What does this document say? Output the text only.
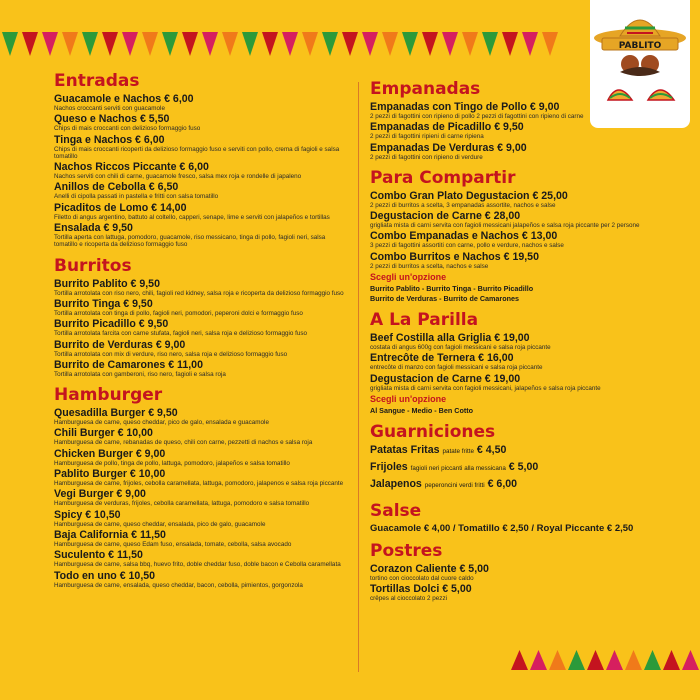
PABLITO
Entradas
Guacamole e Nachos € 6,00
Nachos croccanti serviti con guacamole
Queso e Nachos € 5,50
Chips di mais croccanti con delizioso formaggio fuso
Tinga e Nachos € 6,00
Chips di mais croccanti ricoperti da delizioso formaggio fuso e serviti con pollo, crema di fagioli e salsa tomatillo
Nachos Riccos Piccante € 6,00
Nachos serviti con chili di carne, guacamole fresco, salsa mex roja e rondelle di japaleno
Anillos de Cebolla € 6,50
Anelli di cipolla passati in pastella e fritti con salsa tomatillo
Picaditos de Lomo € 14,00
Filetto di angus argentino, battuto al coltello, capperi, senape, lime e serviti con jalapeños e tortillas
Ensalada € 9,50
Tortilla aperta con lattuga, pomodoro, guacamole, riso messicano, tinga di pollo, fagioli neri, salsa tomatillo e ricoperta da delizioso formaggio fuso
Burritos
Burrito Pablito € 9,50
Tortilla arrotolata con riso nero, chili, fagioli red kidney, salsa roja e ricoperta da delizioso formaggio fuso
Burrito Tinga € 9,50
Tortilla arrotolata con tinga di pollo, fagioli neri, pomodori, peperoni dolci e formaggio fuso
Burrito Picadillo € 9,50
Tortilla arrotolata farcita con carne stufata, fagioli neri, salsa roja e delizioso formaggio fuso
Burrito de Verduras € 9,00
Tortilla arrotolata con mix di verdure, riso nero, salsa roja e delizioso formaggio fuso
Burrito de Camarones € 11,00
Tortilla arrotolata con gamberoni, riso nero, fagioli e salsa roja
Hamburger
Quesadilla Burger € 9,50
Hamburguesa de carne, queso cheddar, pico de galo, ensalada e guacamole
Chili Burger € 10,00
Hamburguesa de carne, rebanadas de queso, chili con carne, pezzetti di nachos e salsa roja
Chicken Burger € 9,00
Hamburguesa de pollo, tinga de pollo, lattuga, pomodoro, jalapeños e salsa tomatillo
Pablito Burger € 10,00
Hamburguesa de carne, frijoles, cebolla caramellata, lattuga, pomodoro, jalapenos e salsa roja piccante
Vegi Burger € 9,00
Hamburguesa de verduras, frijoles, cebolla caramellata, lattuga, pomodoro e salsa tomatillo
Spicy € 10,50
Hamburguesa de carne, queso cheddar, ensalada, pico de galo, guacamole
Baja California € 11,50
Hamburguesa de carne, queso Edam fuso, ensalada, tomate, cebolla, salsa avocado
Suculento € 11,50
Hamburguesa de carne, salsa bbq, huevo frito, doble cheddar fuso, doble bacon e Cebolla caramellata
Todo en uno € 10,50
Hamburguesa de carne, ensalada, queso cheddar, bacon, cebolla, pimientos, gorgonzola
Empanadas
Empanadas con Tingo de Pollo € 9,00
2 pezzi di fagottini con ripieno di pollo 2 pezzi di fagottini con ripieno di carne
Empanadas de Picadillo € 9,50
2 pezzi di fagottini ripieni di carne ripiena
Empanadas De Verduras € 9,00
2 pezzi di fagottini con ripieno di verdure
Para Compartir
Combo Gran Plato Degustacion € 25,00
2 pezzi di burritos a scelta, 3 empanadas assortite, nachos e salse
Degustacion de Carne € 28,00
grigliata mista di carni servita con fagioli messicani jalapeños e salsa roja piccante per 2 persone
Combo Empanadas e Nachos € 13,00
3 pezzi di fagottini assortiti con carne, pollo e verdure, nachos e salse
Combo Burritos e Nachos € 19,50
2 pezzi di burritos a scelta, nachos e salse
Scegli un'opzione
Burrito Pablito - Burrito Tinga - Burrito Picadillo
Burrito de Verduras - Burrito de Camarones
A La Parilla
Beef Costilla alla Griglia € 19,00
costata di angus 600g con fagioli messicani e salsa roja piccante
Entrecôte de Ternera € 16,00
entrecôte di manzo con fagioli messicani e salsa roja piccante
Degustacion de Carne € 19,00
grigliata mista di carni servita con fagioli messicani, jalapeños e salsa roja piccante
Scegli un'opzione
Al Sangue - Medio - Ben Cotto
Guarniciones
Patatas Fritas patate fritte € 4,50
Frijoles fagioli neri piccanti alla messicana € 5,00
Jalapenos peperoncini verdi fritti € 6,00
Salse
Guacamole € 4,00 / Tomatillo € 2,50 / Royal Piccante € 2,50
Postres
Corazon Caliente € 5,00
tortino con cioccolato dal cuore caldo
Tortillas Dolci € 5,00
crêpes al cioccolato 2 pezzi
